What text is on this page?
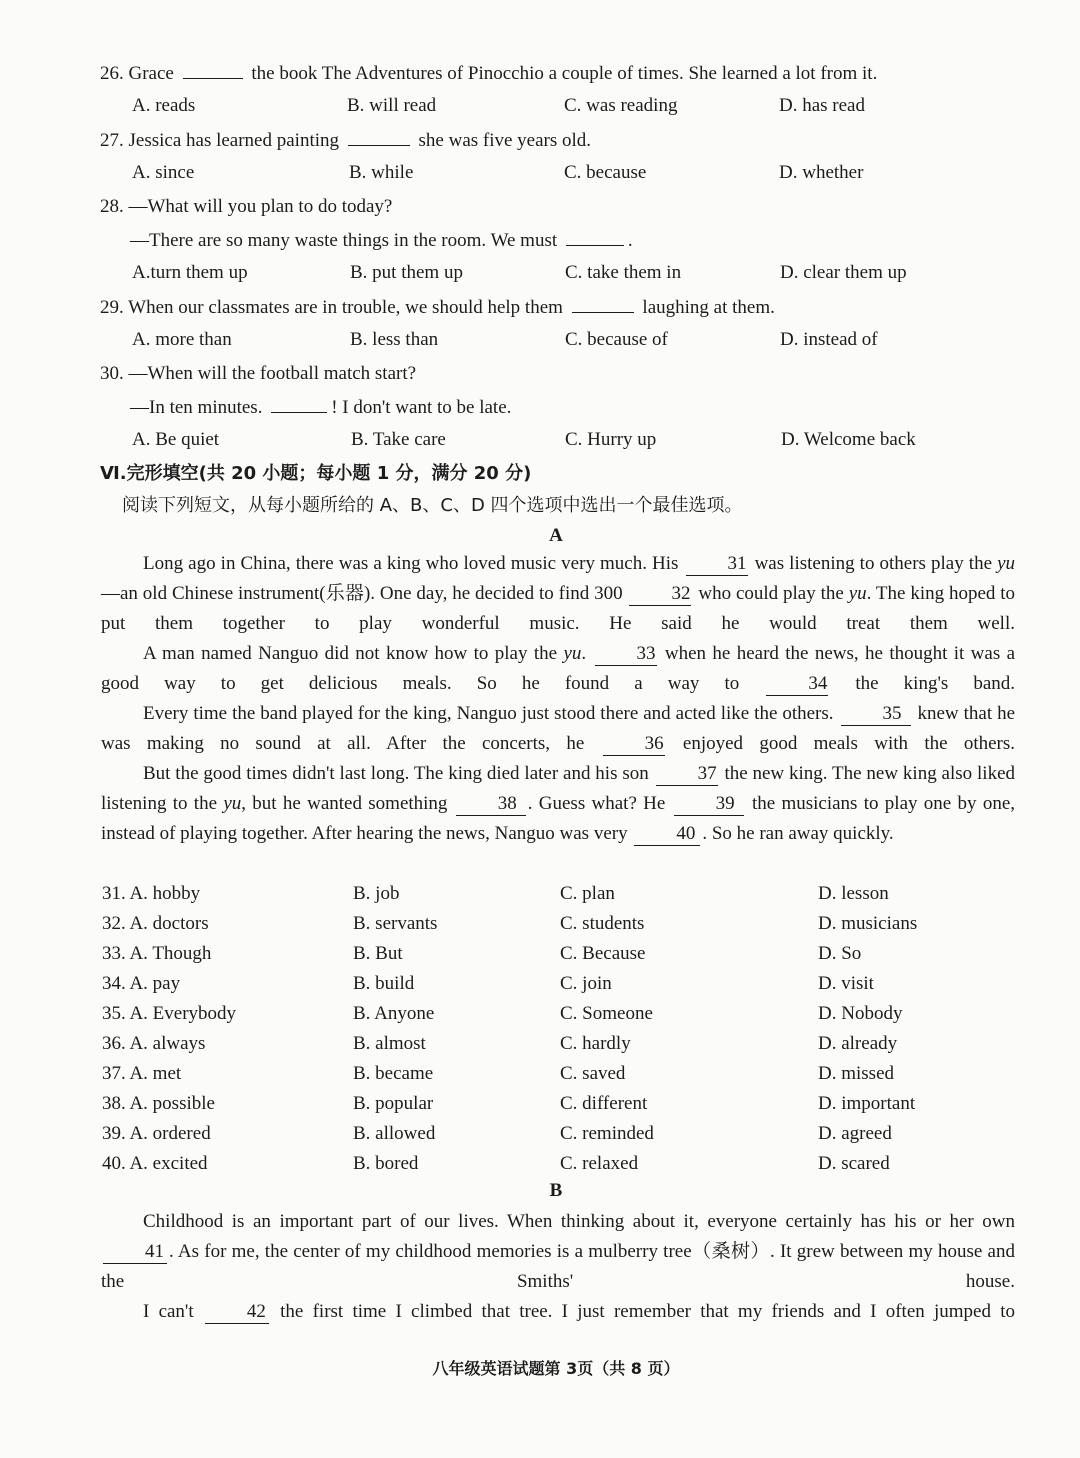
26. Grace	the book The Adventures of Pinocchio a couple of times. She learned a lot from it.
A. reads	B. will read	C. was reading	D. has read
27. Jessica has learned painting	she was five years old.
A. since	B. while	C. because	D. whether
28. —What will you plan to do today?
—There are so many waste things in the room. We must	.
A.turn them up	B. put them up	C. take them in	D. clear them up
29. When our classmates are in trouble, we should help them	laughing at them.
A. more than	B. less than	C. because of	D. instead of
30. —When will the football match start?
—In ten minutes.	! I don't want to be late.
A. Be quiet	B. Take care	C. Hurry up	D. Welcome back
Ⅵ.完形填空(共 20 小题；每小题 1 分，满分 20 分)
阅读下列短文，从每小题所给的 A、B、C、D 四个选项中选出一个最佳选项。
A
Long ago in China, there was a king who loved music very much. His	31 was listening to others play the yu—an old Chinese instrument(乐器). One day, he decided to find 300	32 who could play the yu. The king hoped to put them together to play wonderful music. He said he would treat them well.
A man named Nanguo did not know how to play the yu.	33 when he heard the news, he thought it was a good way to get delicious meals. So he found a way to	34 the king's band.
Every time the band played for the king, Nanguo just stood there and acted like the others.	35 knew that he was making no sound at all. After the concerts, he	36 enjoyed good meals with the others.
But the good times didn't last long. The king died later and his son	37 the new king. The new king also liked listening to the yu, but he wanted something	38 . Guess what? He	39 the musicians to play one by one, instead of playing together. After hearing the news, Nanguo was very	40 . So he ran away quickly.
31. A. hobby	B. job	C. plan	D. lesson
32. A. doctors	B. servants	C. students	D. musicians
33. A. Though	B. But	C. Because	D. So
34. A. pay	B. build	C. join	D. visit
35. A. Everybody	B. Anyone	C. Someone	D. Nobody
36. A. always	B. almost	C. hardly	D. already
37. A. met	B. became	C. saved	D. missed
38. A. possible	B. popular	C. different	D. important
39. A. ordered	B. allowed	C. reminded	D. agreed
40. A. excited	B. bored	C. relaxed	D. scared
B
Childhood is an important part of our lives. When thinking about it, everyone certainly has his or her own 41 . As for me, the center of my childhood memories is a mulberry tree（桑树）. It grew between my house and the Smiths' house.
I can't	42 the first time I climbed that tree. I just remember that my friends and I often jumped to
八年级英语试题第 3页（共 8 页）
